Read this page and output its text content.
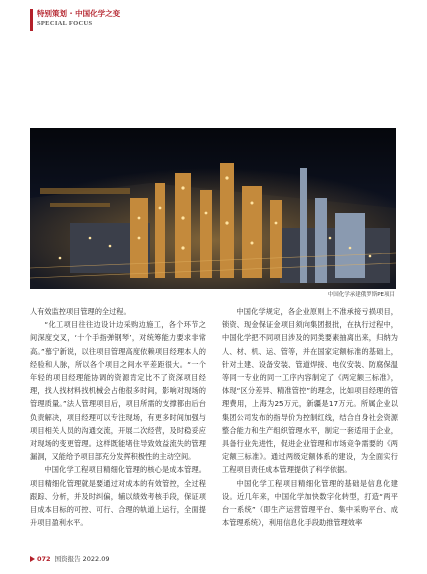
特别策划 · 中国化学之变
SPECIAL FOCUS
中国化学承建俄罗斯PE项目

人有效监控项目管理的全过程。

“化工项目往往边设计边采购边施工，各个环节之间深度交叉，‘十个手指弹钢琴’，对统筹能力要求非常高。”慕宁新说，以往项目管理高度依赖项目经理本人的经验和人脉，所以各个项目之间水平差距很大。“一个年轻的项目经理能协调的资源肯定比不了资深项目经理，找人找材料找机械会占他很多时间，影响对现场的管理质量。”法人管理项目后，项目所需的支撑都由后台负责解决，项目经理可以专注现场，有更多时间加强与项目相关人员的沟通交流，开展二次经营，及时稳妥应对现场的变更管理。这样既能堵住导致效益流失的管理漏洞，又能给予项目部充分发挥积极性的主动空间。

中国化学工程项目精细化管理的核心是成本管理。项目精细化管理就是要通过对成本的有效管控，全过程跟踪、分析，并及时纠偏，辅以绩效考核手段，保证项目成本目标的可控、可行、合理的轨道上运行，全面提升项目盈利水平。

中国化学规定，各企业原则上不准承接亏损项目，锁资、现金保证金项目须向集团报批，在执行过程中，中国化学把不同项目涉及的同类要素抽离出来，归纳为人、材、机、运、管等，并在国家定额标准的基础上，针对土建、设备安装、管道焊接、电仪安装、防腐保温等同一专业的同一工序内容制定了《两定额三标准》，体现“区分差异、精准管控”的理念，比如项目经理的管理费用，上海为25万元，新疆是17万元。所属企业以集团公司发布的指导价为控制红线，结合自身社会资源整合能力和生产组织管理水平，制定一套适用于企业，具备行业先进性，促进企业管理和市场竞争需要的《两定额三标准》。通过两级定额体系的建设，为全面实行工程项目责任成本管理提供了科学依据。

中国化学工程项目精细化管理的基础是信息化建设。近几年来，中国化学加快数字化转型，打造“两平台一系统”（即生产运营管理平台、集中采购平台、成本管理系统），利用信息化手段助推管理效率

072 国资报告 2022.09
